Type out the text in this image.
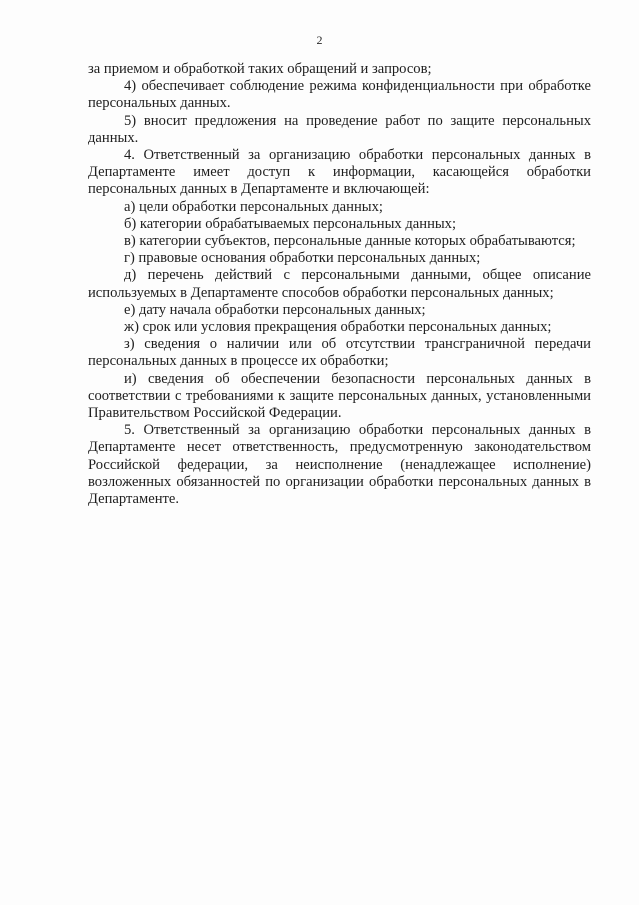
2

за приемом и обработкой таких обращений и запросов;

4) обеспечивает соблюдение режима конфиденциальности при обработке персональных данных.

5) вносит предложения на проведение работ по защите персональных данных.

4. Ответственный за организацию обработки персональных данных в Департаменте имеет доступ к информации, касающейся обработки персональных данных в Департаменте и включающей:

а) цели обработки персональных данных;

б) категории обрабатываемых персональных данных;

в) категории субъектов, персональные данные которых обрабатываются;

г) правовые основания обработки персональных данных;

д) перечень действий с персональными данными, общее описание используемых в Департаменте способов обработки персональных данных;

е) дату начала обработки персональных данных;

ж) срок или условия прекращения обработки персональных данных;

з) сведения о наличии или об отсутствии трансграничной передачи персональных данных в процессе их обработки;

и) сведения об обеспечении безопасности персональных данных в соответствии с требованиями к защите персональных данных, установленными Правительством Российской Федерации.

5. Ответственный за организацию обработки персональных данных в Департаменте несет ответственность, предусмотренную законодательством Российской федерации, за неисполнение (ненадлежащее исполнение) возложенных обязанностей по организации обработки персональных данных в Департаменте.
